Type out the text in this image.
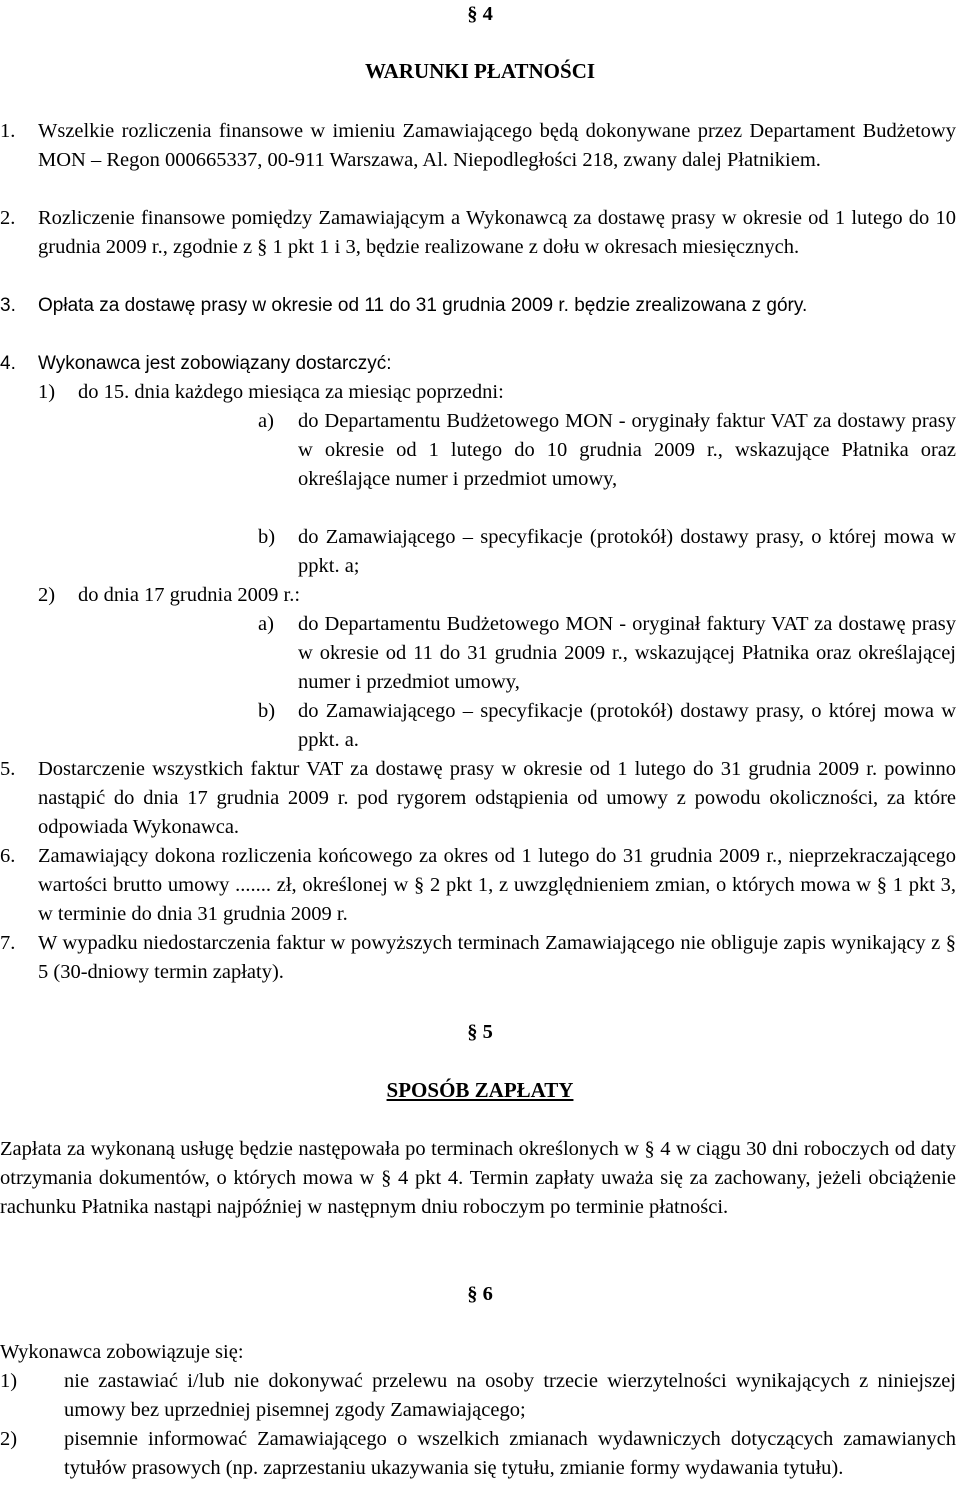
§ 4
WARUNKI PŁATNOŚCI
1. Wszelkie rozliczenia finansowe w imieniu Zamawiającego będą dokonywane przez Departament Budżetowy MON – Regon 000665337, 00-911 Warszawa, Al. Niepodległości 218, zwany dalej Płatnikiem.
2. Rozliczenie finansowe pomiędzy Zamawiającym a Wykonawcą za dostawę prasy w okresie od 1 lutego do 10 grudnia 2009 r., zgodnie z § 1 pkt 1 i 3, będzie realizowane z dołu w okresach miesięcznych.
3. Opłata za dostawę prasy w okresie od 11 do 31 grudnia 2009 r. będzie zrealizowana z góry.
4. Wykonawca jest zobowiązany dostarczyć:
1) do 15. dnia każdego miesiąca za miesiąc poprzedni:
a) do Departamentu Budżetowego MON - oryginały faktur VAT za dostawy prasy w okresie od 1 lutego do 10 grudnia 2009 r., wskazujące Płatnika oraz określające numer i przedmiot umowy,
b) do Zamawiającego – specyfikacje (protokół) dostawy prasy, o której mowa w ppkt. a;
2) do dnia 17 grudnia 2009 r.:
a) do Departamentu Budżetowego MON - oryginał faktury VAT za dostawę prasy w okresie od 11 do 31 grudnia 2009 r., wskazującej Płatnika oraz określającej numer i przedmiot umowy,
b) do Zamawiającego – specyfikacje (protokół) dostawy prasy, o której mowa w ppkt. a.
5. Dostarczenie wszystkich faktur VAT za dostawę prasy w okresie od 1 lutego do 31 grudnia 2009 r. powinno nastąpić do dnia 17 grudnia 2009 r. pod rygorem odstąpienia od umowy z powodu okoliczności, za które odpowiada Wykonawca.
6. Zamawiający dokona rozliczenia końcowego za okres od 1 lutego do 31 grudnia 2009 r., nieprzekraczającego wartości brutto umowy ....... zł, określonej w § 2 pkt 1, z uwzględnieniem zmian, o których mowa w § 1 pkt 3, w terminie do dnia 31 grudnia 2009 r.
7. W wypadku niedostarczenia faktur w powyższych terminach Zamawiającego nie obliguje zapis wynikający z § 5 (30-dniowy termin zapłaty).
§ 5
SPOSÓB ZAPŁATY
Zapłata za wykonaną usługę będzie następowała po terminach określonych w § 4 w ciągu 30 dni roboczych od daty otrzymania dokumentów, o których mowa w § 4 pkt 4. Termin zapłaty uważa się za zachowany, jeżeli obciążenie rachunku Płatnika nastąpi najpóźniej w następnym dniu roboczym po terminie płatności.
§ 6
Wykonawca zobowiązuje się:
1) nie zastawiać i/lub nie dokonywać przelewu na osoby trzecie wierzytelności wynikających z niniejszej umowy bez uprzedniej pisemnej zgody Zamawiającego;
2) pisemnie informować Zamawiającego o wszelkich zmianach wydawniczych dotyczących zamawianych tytułów prasowych (np. zaprzestaniu ukazywania się tytułu, zmianie formy wydawania tytułu).
